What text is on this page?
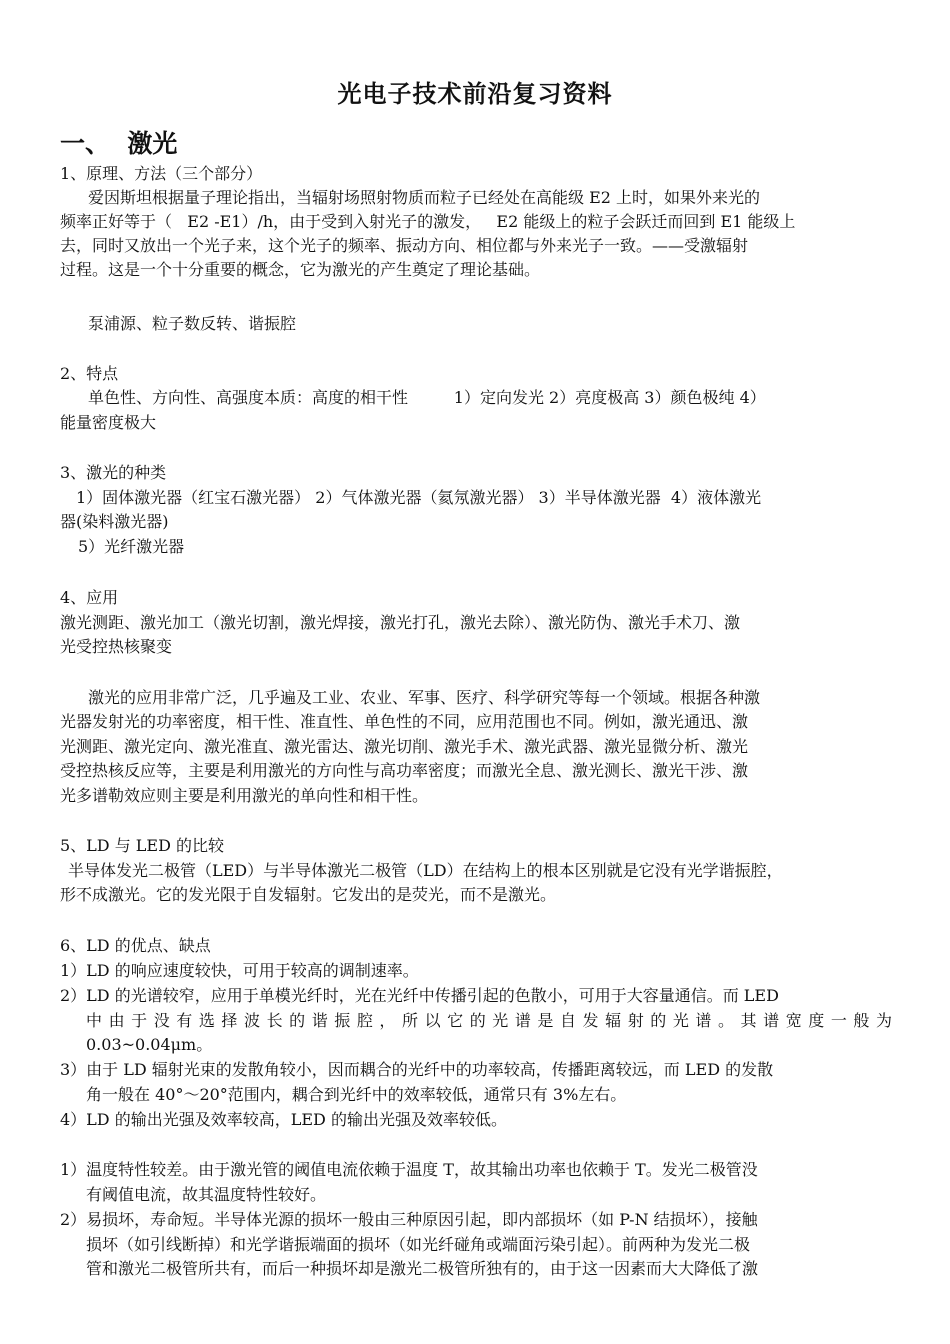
光电子技术前沿复习资料
一、  激光
1、原理、方法（三个部分）
爱因斯坦根据量子理论指出，当辐射场照射物质而粒子已经处在高能级 E2 上时，如果外来光的
频率正好等于（   E2 -E1）/h，由于受到入射光子的激发，   E2 能级上的粒子会跃迁而回到 E1 能级上
去，同时又放出一个光子来，这个光子的频率、振动方向、相位都与外来光子一致。——受激辐射
过程。这是一个十分重要的概念，它为激光的产生奠定了理论基础。
泵浦源、粒子数反转、谐振腔
2、特点
单色性、方向性、高强度本质：高度的相干性         1）定向发光 2）亮度极高 3）颜色极纯 4）
能量密度极大
3、激光的种类
1）固体激光器（红宝石激光器） 2）气体激光器（氦氖激光器） 3）半导体激光器  4）液体激光
器(染料激光器)
5）光纤激光器
4、应用
激光测距、激光加工（激光切割，激光焊接，激光打孔，激光去除）、激光防伪、激光手术刀、激
光受控热核聚变
激光的应用非常广泛，几乎遍及工业、农业、军事、医疗、科学研究等每一个领域。根据各种激
光器发射光的功率密度，相干性、准直性、单色性的不同，应用范围也不同。例如，激光通迅、激
光测距、激光定向、激光准直、激光雷达、激光切削、激光手术、激光武器、激光显微分析、激光
受控热核反应等，主要是利用激光的方向性与高功率密度；而激光全息、激光测长、激光干涉、激
光多谱勒效应则主要是利用激光的单向性和相干性。
5、LD 与 LED 的比较
半导体发光二极管（LED）与半导体激光二极管（LD）在结构上的根本区别就是它没有光学谐振腔，
形不成激光。它的发光限于自发辐射。它发出的是荧光，而不是激光。
6、LD 的优点、缺点
1）LD 的响应速度较快，可用于较高的调制速率。
2）LD 的光谱较窄，应用于单模光纤时，光在光纤中传播引起的色散小，可用于大容量通信。而 LED
中由于没有选择波长的谐振腔，所以它的光谱是自发辐射的光谱。其谱宽度一般为
0.03~0.04μm。
3）由于 LD 辐射光束的发散角较小，因而耦合的光纤中的功率较高，传播距离较远，而 LED 的发散
角一般在 40°～20°范围内，耦合到光纤中的效率较低，通常只有 3%左右。
4）LD 的输出光强及效率较高，LED 的输出光强及效率较低。
1）温度特性较差。由于激光管的阈值电流依赖于温度 T，故其输出功率也依赖于 T。发光二极管没
有阈值电流，故其温度特性较好。
2）易损坏，寿命短。半导体光源的损坏一般由三种原因引起，即内部损坏（如 P-N 结损坏），接触
损坏（如引线断掉）和光学谐振端面的损坏（如光纤碰角或端面污染引起）。前两种为发光二极
管和激光二极管所共有，而后一种损坏却是激光二极管所独有的，由于这一因素而大大降低了激
